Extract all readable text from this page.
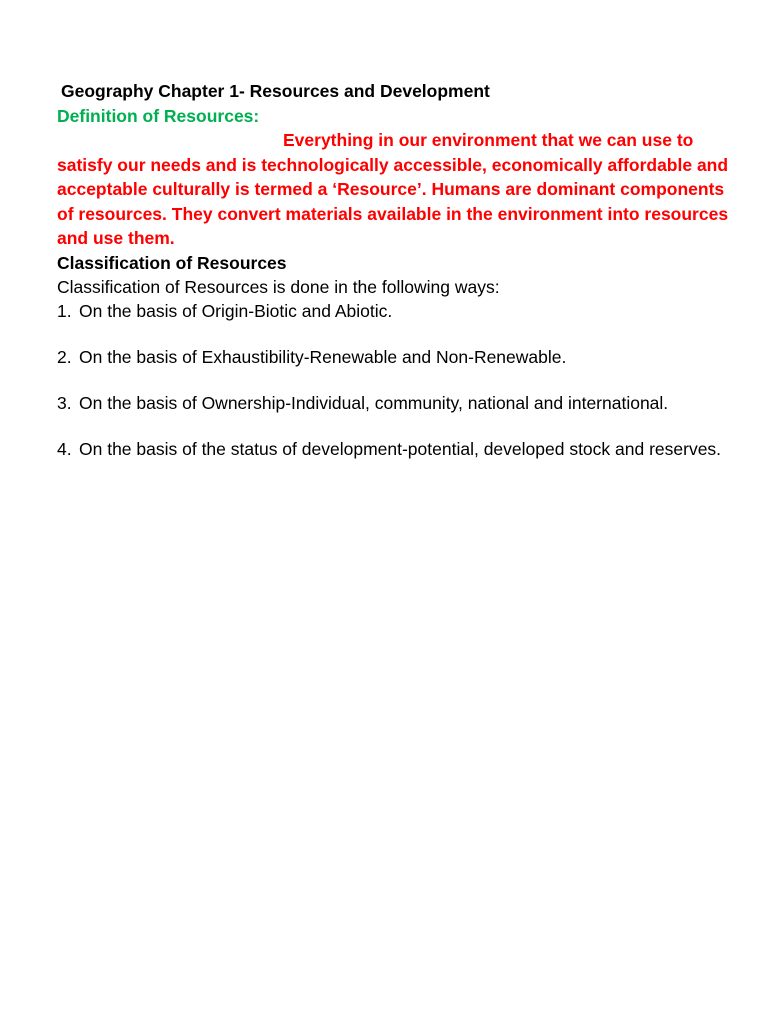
Geography Chapter 1- Resources and Development
Definition of Resources:
Everything in our environment that we can use to
satisfy our needs and is technologically accessible, economically affordable and
acceptable culturally is termed a ‘Resource’. Humans are dominant components
of resources. They convert materials available in the environment into resources
and use them.
Classification of Resources
Classification of Resources is done in the following ways:
1. On the basis of Origin-Biotic and Abiotic.
2. On the basis of Exhaustibility-Renewable and Non-Renewable.
3. On the basis of Ownership-Individual, community, national and international.
4. On the basis of the status of development-potential, developed stock and reserves.
